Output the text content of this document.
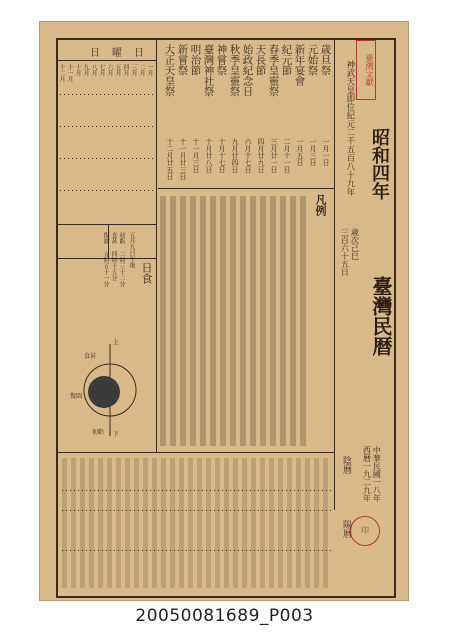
臺灣文獻
印
昭和四年
臺灣民暦
神武天皇即位紀元二千五百八十九年
歳次己巳
三百六十五日
中華民國一八年
西暦一九二九年
歳旦祭
元始祭
新年宴會
紀元節
春季皇靈祭
天長節
始政紀念日
秋季皇靈祭
神嘗祭
臺灣神社祭
明治節
新嘗祭
大正天皇祭
一月一日
一月三日
一月五日
二月十一日
三月廿一日
四月廿九日
六月十七日
九月廿四日
十月十七日
十月廿八日
十一月三日
十一月廿三日
十二月廿五日
日曜日
一月
二月
三月
四月
五月
六月
七月
八月
九月
十月
十一月
十二月
凡例
日食
五月九日午後
初虧 二時三十二分
食甚 四時十五分
復圓 五時五十一分
上
下
食甚
復圓
初虧
陰暦
陽暦
20050081689_P003
